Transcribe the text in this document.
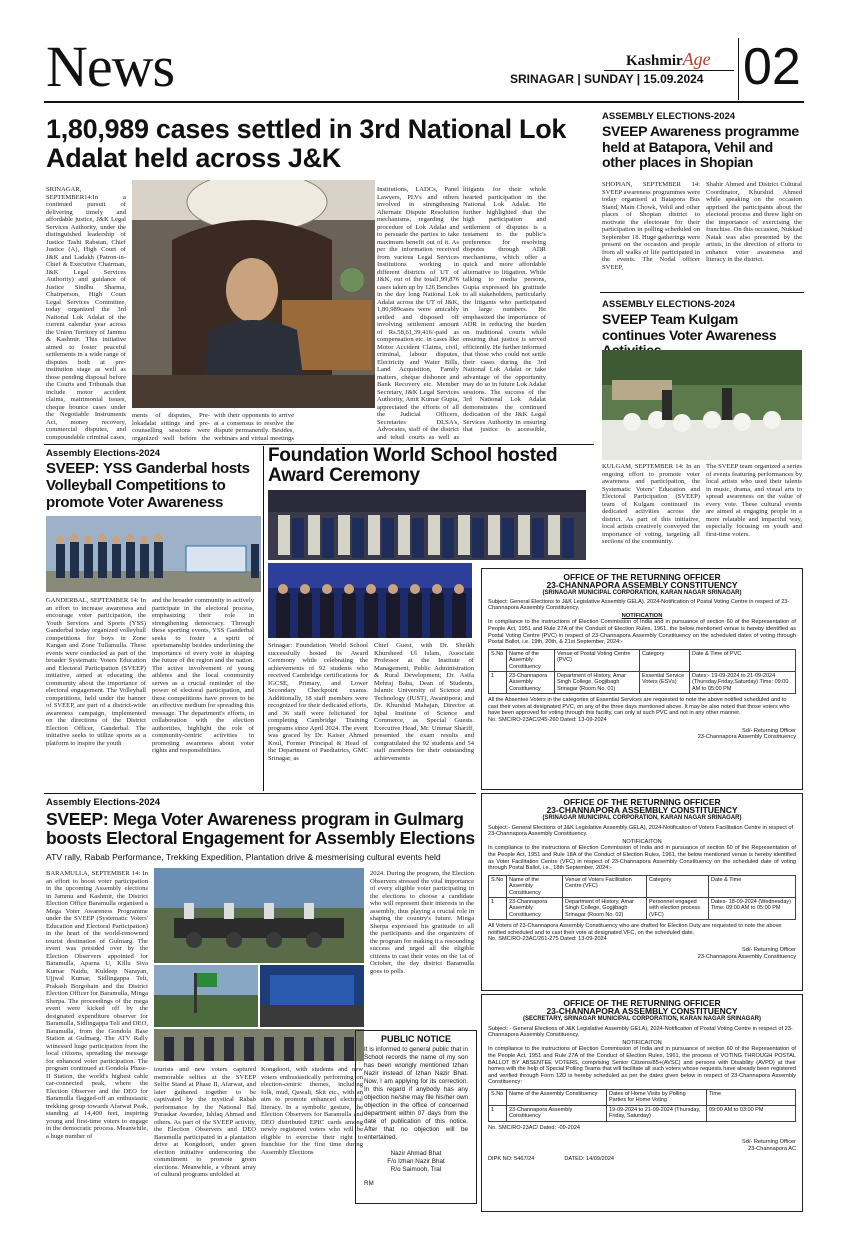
News	KashmirAge
SRINAGAR | SUNDAY | 15.09.2024 02
1,80,989 cases settled in 3rd National Lok Adalat held across J&K
SRINAGAR, SEPTEMBER14:In a continued pursuit of delivering timely and affordable justice, J&K Legal Services Authority, under the distinguished leadership of Justice Tashi Rabstan, Chief Justice (A), High Court of J&K and Ladakh (Patron-in-Chief & Executive Chairman, J&K Legal Services Authority) and guidance of Justice Sindhu Sharma, Chairperson, High Court Legal Services Committee, today organized the 3rd National Lok Adalat of the current calendar year across the Union Territory of Jammu & Kashmir. This initiative aimed to foster peaceful settlements in a wide range of disputes both at pre-institution stage as well as those pending disposal before the Courts and Tribunals that include motor accident claims, matrimonial issues, cheque bounce cases under the Negotiable Instruments Act, money recovery, commercial disputes, and compoundable criminal cases,
ments of disputes, Pre-lokadalat sittings and pre-counselling sessions were organized well before the
with their opponents to arrive at a consensus to resolve the dispute permanently. Besides, webinars and virtual meetings
Institutions, LADCs, Panel Lawyers, PLVs and others involved in strengthening Alternate Dispute Resolution mechanisms, regarding the procedure of Lok Adalat and to persuade the parties to take maximum benefit out of it. As per the information received from various Legal Services Institutions working in different districts of UT of J&K, out of the total1,99,876 cases taken up by 126 Benches in the day long National Lok Adalat across the UT of J&K, 1,80,989cases were amicably settled and disposed off involving settlement amount of Rs.58,61,39,416/-paid as compensation etc. in cases like Motor Accident Claims, civil, criminal, labour disputes, Electricity and Water Bills, Land Acquisition, Family matters, cheque dishonor and Bank Recovery etc. Member Secretary, J&K Legal Services Authority, Amit Kumar Gupta, appreciated the efforts of all the Judicial Officers, Secretaries DLSA's, Advocates, staff of the district and tehsil courts as well as
litigants for their whole hearted participation in the National Lok Adalat. He further highlighted that the high participation and settlement of disputes is a testament to the public's preference for resolving disputes through ADR mechanisms, which offer a quick and more affordable alternative to litigation. While talking to media persons, Gupta expressed his gratitude to all stakeholders, particularly the litigants who participated in large numbers. He emphasized the importance of ADR in reducing the burden on traditional courts while ensuring that justice is served efficiently. He further informed that those who could not settle their cases during the 3rd National Lok Adalat or take advantage of the opportunity may do so in future Lok Adalat sessions. The success of the 3rd National Lok Adalat demonstrates the continued dedication of the J&K Legal Services Authority in ensuring that justice is accessible,
ASSEMBLY ELECTIONS-2024
SVEEP Awareness programme held at Batapora, Vehil and other places in Shopian
SHOPIAN, SEPTEMBER 14: SVEEP awareness programmes were today organised at Batapora Bus Stand, Main Chowk, Vehil and other places of Shopian district to motivate the electorate for their participation in polling scheduled on September 18. Huge gatherings were present on the occasion and people from all walks of life participated in the events. The Nodal officer SVEEP,
Shahir Ahmed and District Cultural Coordinator, Khurshid Ahmed while speaking on the occasion apprised the participants about the electoral process and threw light on the importance of exercising the franchise. On this occasion, Nukkad Natak was also presented by the artists, in the direction of efforts to enhance voter awareness and literacy in the district.
ASSEMBLY ELECTIONS-2024
SVEEP Team Kulgam continues Voter Awareness
KULGAM, SEPTEMBER 14: In an ongoing effort to promote voter awareness and participation, the Systematic Voters' Education and Electoral Participation (SVEEP) team of Kulgam continued its dedicated activities across the district. As part of this initiative, local artists creatively conveyed the importance of voting, targeting all sections of the community.
The SVEEP team organized a series of events featuring performances by local artists who used their talents in music, drama, and visual arts to spread awareness on the value of every vote. These cultural events are aimed at engaging people in a more relatable and impactful way, especially focusing on youth and first-time voters.
Assembly Elections-2024
SVEEP: YSS Ganderbal hosts Volleyball Competitions to promote Voter Awareness
GANDERBAL, SEPTEMBER 14: In an effort to increase awareness and encourage voter participation, the Youth Services and Sports (YSS) Ganderbal today organized volleyball competitions for boys in Zone Kangan and Zone Tullamulla. These events were conducted as part of the broader Systematic Voters Education and Electoral Participation (SVEEP) initiative, aimed at educating the community about the importance of electoral engagement. The Volleyball competitions, held under the banner of SVEEP, are part of a district-wide awareness campaign, implemented on the directions of the District Election Officer, Ganderbal. The initiative seeks to utilize sports as a platform to inspire the youth
and the broader community to actively participate in the electoral process, emphasizing their role in strengthening democracy. Through these sporting events, YSS Ganderbal seeks to foster a spirit of sportsmanship besides underlining the importance of every vote in shaping the future of the region and the nation. The active involvement of young athletes and the local community serves as a crucial reminder of the power of electoral participation, and these competitions have proven to be an effective medium for spreading this message. The department's efforts, in collaboration with the election authorities, highlight the role of community-centric activities in promoting awareness about voter rights and responsibilities.
Foundation World School hosted Award Ceremony
Srinagar: Foundation World School successfully hosted its Award Ceremony while celebrating the achievements of 92 students who received Cambridge certifications for IGCSE, Primary, and Lower Secondary Checkpoint exams. Additionally, 18 staff members were recognized for their dedicated efforts, and 36 staff were felicitated for completing Cambridge Training programs since April 2024. The event was graced by Dr. Kaiser Ahmed Koul, Former Principal & Head of the Department of Paediatrics, GMC Srinagar, as
Chief Guest, with Dr. Sheikh Khursheed Ul Islam, Associate Professor at the Institute of Management, Public Administration & Rural Development; Dr. Asifa Mehraj Baba, Dean of Students, Islamic University of Science and Technology (IUST), Awantipora; and Dr. Khurshid Mahajan, Director at Iqbal Institute of Science and Commerce, as Special Guests. Executive Head, Mr. Ummar Shariff, presented the exam results and congratulated the 92 students and 54 staff members for their outstanding achievements
OFFICE OF THE RETURNING OFFICER
23-CHANNAPORA ASSEMBLY CONSTITUENCY
(SRINAGAR MUNICIPAL CORPORATION, KARAN NAGAR SRINAGAR)
Subject: General Elections to J&K Legislative Assembly GELA), 2024-Notification of Postal Voting Centre in respect of 23-Channapora Assembly Constituency.
NOTIFICATION
In compliance to the instructions of Election Commission of India and in pursuance of section 60 of the Representation of People Act, 1951 and Rule 27A of the Conduct of Election Rules, 1961, the below mentioned venue is hereby identified as Postal Voting Centre (PVC) in respect of 23-Channapora Assembly Constituency on the scheduled dates of voting through Postal Ballot, i.e. 19th, 20th, & 21st September, 2024:-
S.No	Name of the Assembly Constituency	Venue of Postal Voting Centre (PVC)	Category	Date & Time of PVC
1	23-Channapora Assembly Constituency	Department of History, Amar Singh College, Gogjibagh Srinagar (Room No. 01)	Essential Service Voters (ESVs)	Dates:- 19-09-2024 to 21-09-2024 (Thursday,Friday,Saturday) Time: 09:00 AM to 05:00 PM
All the Absentee Voters in the categories of Essential Services are requested to note the above notified scheduled and to cast their votes at designated PVC, on any of the three days mentioned above. It may be also noted that those voters who have been approved for voting through this facility, can only at such PVC and not in any other manner.
No. SMC/RO-23AC/245-260 Dated: 13-09-2024
Sd/- Returning Officer
23-Channapora Assembly Constituency
Assembly Elections-2024
SVEEP: Mega Voter Awareness program in Gulmarg boosts Electoral Engagement for Assembly Elections
ATV rally, Rabab Performance, Trekking Expedition, Plantation drive & mesmerising cultural events held
BARAMULLA, SEPTEMBER 14: In an effort to boost voter participation in the upcoming Assembly elections in Jammu and Kashmir, the District Election Office Baramulla organised a Mega Voter Awareness Programme under the SVEEP (Systematic Voters' Education and Electoral Participation) in the heart of the world-renowned tourist destination of Gulmarg. The event was presided over by the Election Observers appointed for Baramulla, Aparna U, Killu Siva Kumar Naidu, Kuldeep Narayan, Ujjwal Kumar, Sidlingappa Teli, Prakash Borgohain and the District Election Officer for Baramulla, Minga Sherpa. The proceedings of the mega event were kicked off by the designated expenditure observer for Baramulla, Sidlingappa Teli and DEO, Baramulla, from the Gondola Base Station at Gulmarg. The ATV Rally witnessed huge participation from the local citizens, spreading the message for enhanced voter participation. The program continued at Gondola Phase-II Station, the world's highest cable car-connected peak, where the Election Observer and the DEO for Baramulla flagged-off an enthusiastic trekking group towards Afarwat Peak, standing at 14,400 feet, inspiring young and first-time voters to engage in the democratic process. Meanwhile, a huge number of
tourists and new voters captured memorable selfies at the SVEEP Selfie Stand at Phase II, Afarwat, and later gathered together to be captivated by the mystical Rabab performance by the National Bal Puraskar Awardee, Ishfaq Ahmad and others. As part of the SVEEP activity, the Election Observers and DEO Baramulla participated in a plantation drive at Kongdoori, under green election initiative underscoring the commitment to promote green elections. Meanwhile, a vibrant array of cultural programs unfolded at
Kongdoori, with students and new voters enthusiastically performing on election-centric themes, including folk, mud, Qawali, Skit etc., with an aim to promote enhanced electoral literacy. In a symbolic gesture, the Election Observers for Baramulla and DEO distributed EPIC cards among newly registered voters who will be eligible to exercise their right to franchise for the first time during Assembly Elections
2024. During the program, the Election Observers stressed the vital importance of every eligible voter participating in the elections to choose a candidate who will represent their interests in the assembly, thus playing a crucial role in shaping the country's future. Minga Sherpa expressed his gratitude to all the participants and the organizers of the program for making it a resounding success and urged all the eligible citizens to cast their votes on the 1st of October, the day district Baramulla goes to polls.
PUBLIC NOTICE
It is informed to general public that in School records the name of my son has been wrongly mentioned Izhan Nazir instead of Izhan Nazir Bhat. Now, I am applying for its correction. In this regard if anybody has any objection he/she may file his/her own objection in the office of concerned department within 07 days from the date of publication of this notice. After that no objection will be entertained.
Nazir Ahmad Bhat
F/o Izhan Nazir Bhat
R/o Saimooh, Tral
RM
OFFICE OF THE RETURNING OFFICER
23-CHANNAPORA ASSEMBLY CONSTITUENCY
(SRINAGAR MUNICIPAL CORPORATION, KARAN NAGAR SRINAGAR)
Subject:- General Elections of J&K Legislative Assembly GELA), 2024-Notification of Voters Facilitation Centre in respect of 23-Channapora Assembly Constituency.
NOTIFICAITON
In compliance to the instructions of Election Commission of India and in pursuance of section 60 of the Representation of the People Act, 1951 and Rule 18A of the Conduct of Election Rules, 1961, the below mentioned venue is hereby identified as Voter Facilitation Centre (VFC) in respect of 23-Channapora Assembly Constituency on the scheduled date of voting through Postal Ballot, i.e., 18th September, 2024:-
S.No	Name of the Assembly Constituency	Venue of Voters Facilitation Centre (VFC)	Category	Date & Time
1	23-Channapora Assembly Constituency	Department of History, Amar Singh College, Gogjibagh Srinagar (Room No. 02)	Personnel engaged with election process (VFC)	Dates- 18-09-2024 (Wednesday) Time: 09:00 AM to 05:00 PM
All Voters of 23-Channapora Assembly Constituency who are drafted for Election Duty are requested to note the above notified scheduled and to cast their vote at designated VFC, on the scheduled date.
No. SMC/RO-23AC/261-275 Dated: 13-09-2024
Sd/- Returning Officer
23-Channapora Assembly Constituency
OFFICE OF THE RETURNING OFFICER
23-CHANNAPORA ASSEMBLY CONSTITUENCY
(SECRETARY, SRINAGAR MUNICIPAL CORPORATION, KARAN NAGAR SRINAGAR)
Subject: - General Elections of J&K Legislative Assembly GELA), 2024-Notification of Postal Voting Centre in respect of 23-Channapora Assembly Constituency.
NOTIFICAITON
In compliance to the instructions of Election Commission of India and in pursuance of section 60 of the Representation of the People Act, 1951 and Rule 27A of the Conduct of Election Rules, 1961, the process of VOTING THROUGH POSTAL BALLOT BY ABSENTEE VOTERS, comprising Senior Citizens/85+(AVSC) and persons with Disability (AVPD) at their homes with the help of Special Polling Teams that will facilitate all such voters whose requests have already been registered and verified through Form 12D is hereby scheduled as per the dates given below in respect of 23-Channapora Assembly Constituency:
S.No	Name of the Assembly Constituency	Dates of Home Visits by Polling Parties for Home Voting	Time
1	23-Channapora Assembly Constituency	19-09-2024 to 21-09-2024 (Thursday, Friday, Saturday)	09:00 AM to 03:00 PM
No. SMC/RO-23AC/ Dated: -09-2024
Sd/- Returning Officer
23-Channapora AC
DIPK NO: 5467/24	DATED: 14/09/2024
